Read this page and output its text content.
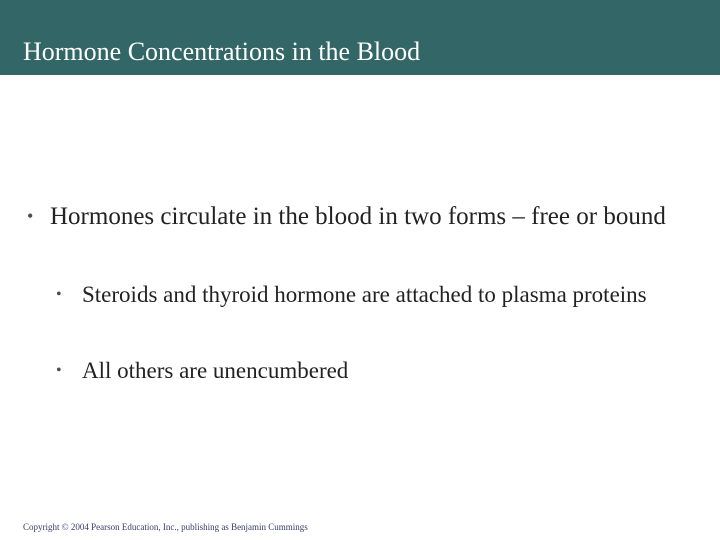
Hormone Concentrations in the Blood
• Hormones circulate in the blood in two forms – free or bound
• Steroids and thyroid hormone are attached to plasma proteins
• All others are unencumbered
Copyright © 2004 Pearson Education, Inc., publishing as Benjamin Cummings
